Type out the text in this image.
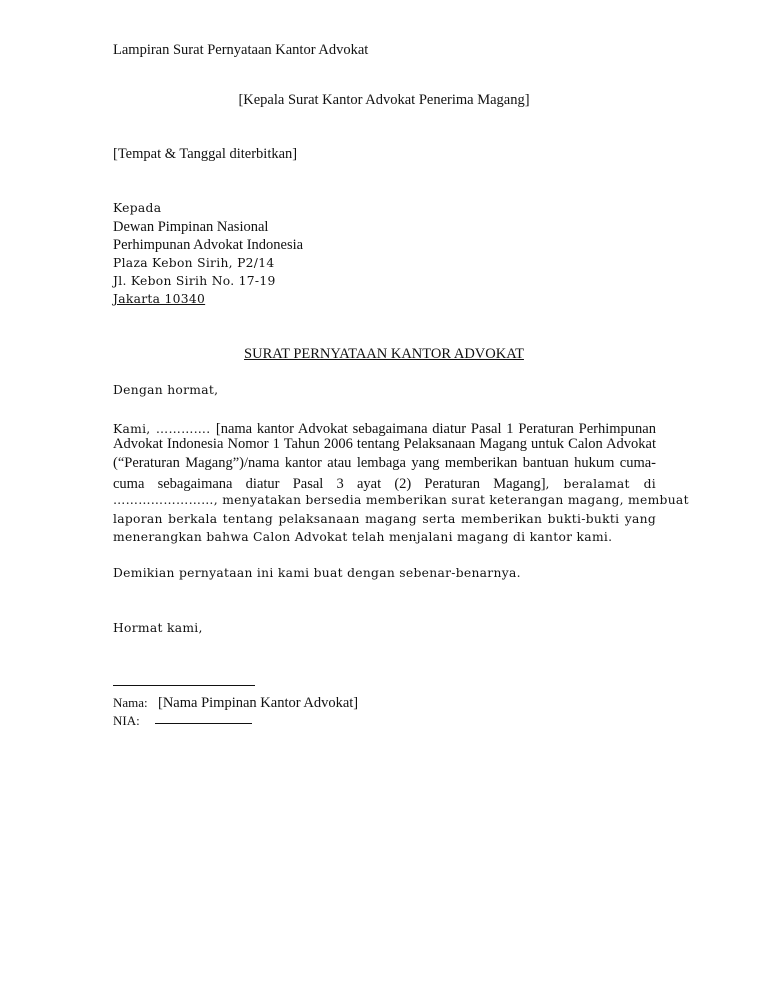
Lampiran Surat Pernyataan Kantor Advokat
[Kepala Surat Kantor Advokat Penerima Magang]
[Tempat & Tanggal diterbitkan]
Kepada
Dewan Pimpinan Nasional
Perhimpunan Advokat Indonesia
Plaza Kebon Sirih, P2/14
Jl. Kebon Sirih No. 17-19
Jakarta 10340
SURAT PERNYATAAN KANTOR ADVOKAT
Dengan hormat,
Kami, …………. [nama kantor Advokat sebagaimana diatur Pasal 1 Peraturan Perhimpunan
Advokat Indonesia Nomor 1 Tahun 2006 tentang Pelaksanaan Magang untuk Calon Advokat
(“Peraturan Magang”)/nama kantor atau lembaga yang memberikan bantuan hukum cuma-
cuma sebagaimana diatur Pasal 3 ayat (2) Peraturan Magang], beralamat di
……………………, menyatakan bersedia memberikan surat keterangan magang, membuat
laporan berkala tentang pelaksanaan magang serta memberikan bukti-bukti yang
menerangkan bahwa Calon Advokat telah menjalani magang di kantor kami.
Demikian pernyataan ini kami buat dengan sebenar-benarnya.
Hormat kami,
Nama: [Nama Pimpinan Kantor Advokat]
NIA:
